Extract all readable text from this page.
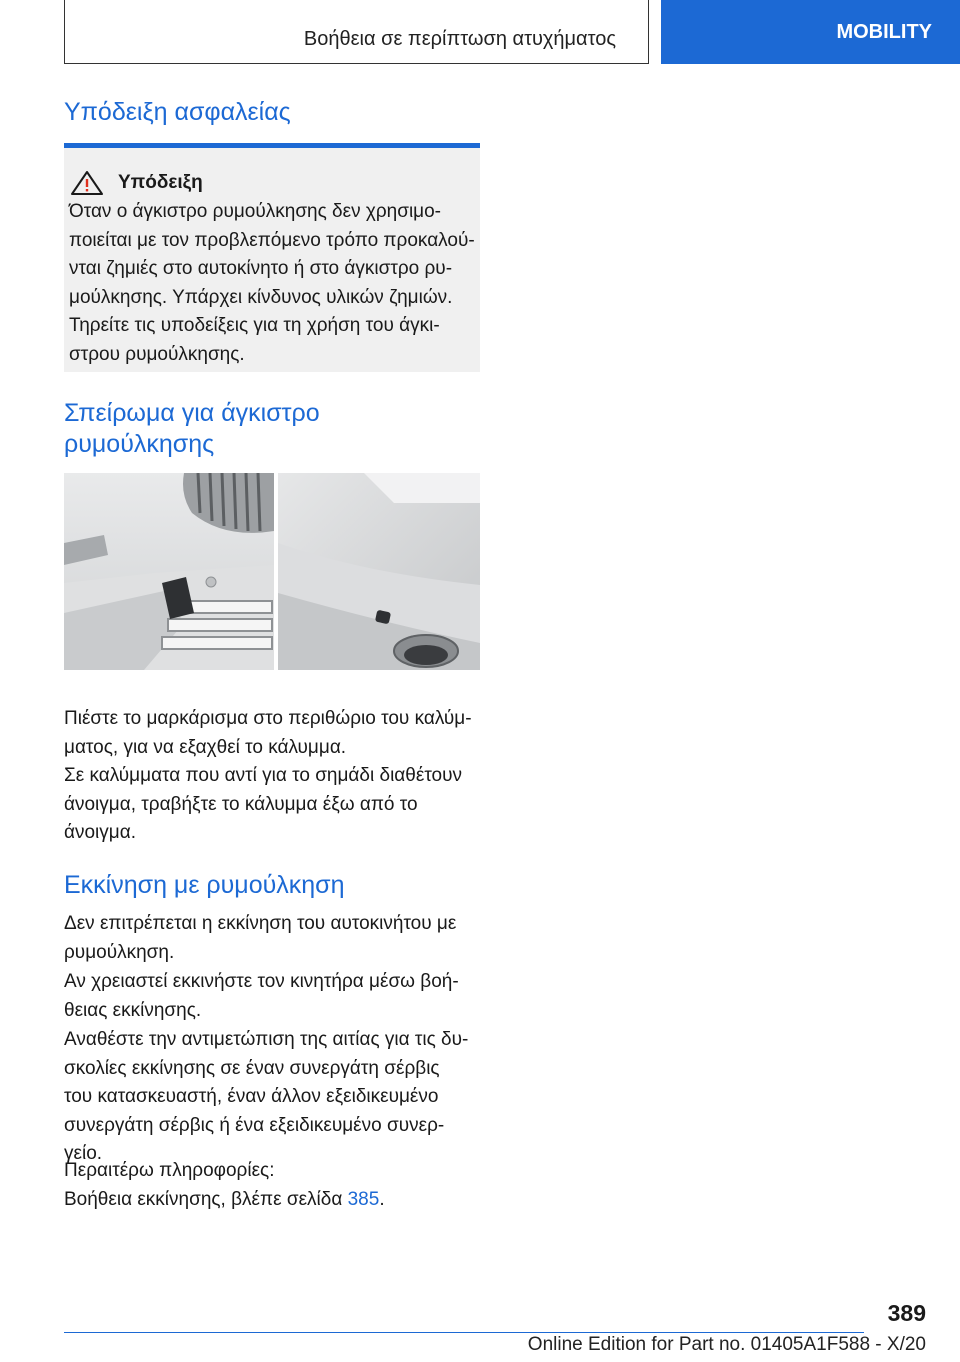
Βοήθεια σε περίπτωση ατυχήματος	MOBILITY
Υπόδειξη ασφαλείας
Υπόδειξη

Όταν ο άγκιστρο ρυμούλκησης δεν χρησιμο-

ποιείται με τον προβλεπόμενο τρόπο προκαλού-

νται ζημιές στο αυτοκίνητο ή στο άγκιστρο ρυ-

μούλκησης. Υπάρχει κίνδυνος υλικών ζημιών.

Τηρείτε τις υποδείξεις για τη χρήση του άγκι-

στρου ρυμούλκησης.

Σπείρωμα για άγκιστρο
ρυμούλκησης

Πιέστε το μαρκάρισμα στο περιθώριο του καλύμ-

ματος, για να εξαχθεί το κάλυμμα.

Σε καλύμματα που αντί για το σημάδι διαθέτουν

άνοιγμα, τραβήξτε το κάλυμμα έξω από το

άνοιγμα.

Εκκίνηση με ρυμούλκηση

Δεν επιτρέπεται η εκκίνηση του αυτοκινήτου με

ρυμούλκηση.

Αν χρειαστεί εκκινήστε τον κινητήρα μέσω βοή-

θειας εκκίνησης.

Αναθέστε την αντιμετώπιση της αιτίας για τις δυ-

σκολίες εκκίνησης σε έναν συνεργάτη σέρβις

του κατασκευαστή, έναν άλλον εξειδικευμένο

συνεργάτη σέρβις ή ένα εξειδικευμένο συνερ-

γείο.

Περαιτέρω πληροφορίες:

Βοήθεια εκκίνησης, βλέπε σελίδα 385.

389
Online Edition for Part no. 01405A1F588 - X/20
